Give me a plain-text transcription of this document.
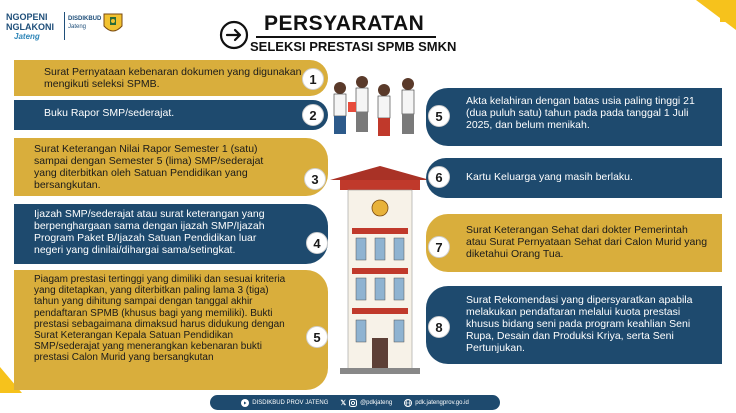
NGOPENI
NGLAKONI
Jateng
DISDIKBUD
Jateng	PERSYARATAN
SELEKSI PRESTASI SPMB SMKN
Surat Pernyataan kebenaran dokumen yang digunakan mengikuti seleksi SPMB.	1
Buku Rapor SMP/sederajat.	2
Surat Keterangan Nilai Rapor Semester 1 (satu) sampai dengan Semester 5 (lima) SMP/sederajat yang diterbitkan oleh Satuan Pendidikan yang bersangkutan.	3
Ijazah SMP/sederajat atau surat keterangan yang berpenghargaan sama dengan ijazah SMP/Ijazah Program Paket B/Ijazah Satuan Pendidikan luar negeri yang dinilai/dihargai sama/setingkat.	4
Piagam prestasi tertinggi yang dimiliki dan sesuai kriteria yang ditetapkan, yang diterbitkan paling lama 3 (tiga) tahun yang dihitung sampai dengan tanggal akhir pendaftaran SPMB (khusus bagi yang memiliki). Bukti prestasi sebagaimana dimaksud harus didukung dengan Surat Keterangan Kepala Satuan Pendidikan SMP/sederajat yang menerangkan kebenaran bukti prestasi Calon Murid yang bersangkutan
5
Akta kelahiran dengan batas usia paling tinggi 21 (dua puluh satu) tahun pada pada tanggal 1 Juli 2025, dan belum menikah.
5
Kartu Keluarga yang masih berlaku.
6
Surat Keterangan Sehat dari dokter Pemerintah atau Surat Pernyataan Sehat dari Calon Murid yang diketahui Orang Tua.
7
Surat Rekomendasi yang dipersyaratkan apabila melakukan pendaftaran melalui kuota prestasi khusus bidang seni pada program keahlian Seni Rupa, Desain dan Produksi Kriya, serta Seni Pertunjukan.
8
DISDIKBUD PROV JATENG 𝕏 @pdkjateng	pdk.jatengprov.go.id
